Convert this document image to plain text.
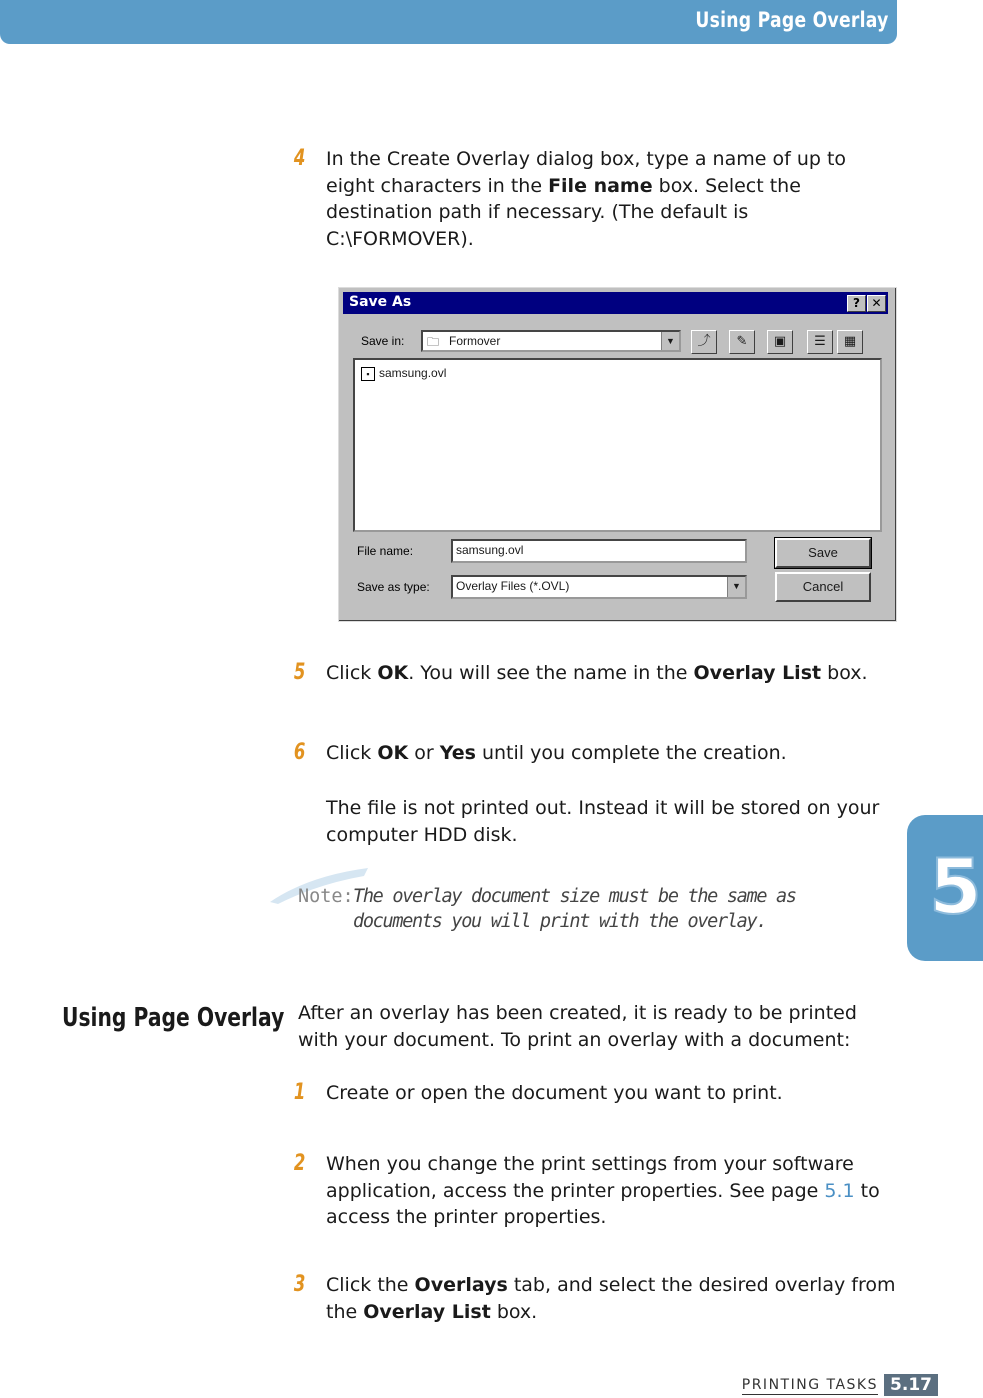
Using Page Overlay
5
4 In the Create Overlay dialog box, type a name of up to eight characters in the File name box. Select the destination path if necessary. (The default is C:\FORMOVER).
Save As	? ✕
Save in: 🗀 Formover	▼	⤴	✎	▣	☰	▦
▪ samsung.ovl
File name:	samsung.ovl
Save as type: Overlay Files (*.OVL)	▼
Save
Cancel
5 Click OK. You will see the name in the Overlay List box.
6 Click OK or Yes until you complete the creation.
The file is not printed out. Instead it will be stored on your computer HDD disk.
Note: The overlay document size must be the same as documents you will print with the overlay.
Using Page Overlay After an overlay has been created, it is ready to be printed with your document. To print an overlay with a document:
1 Create or open the document you want to print.
2 When you change the print settings from your software application, access the printer properties. See page 5.1 to access the printer properties.
3 Click the Overlays tab, and select the desired overlay from the Overlay List box.
PRINTING TASKS 5.17
